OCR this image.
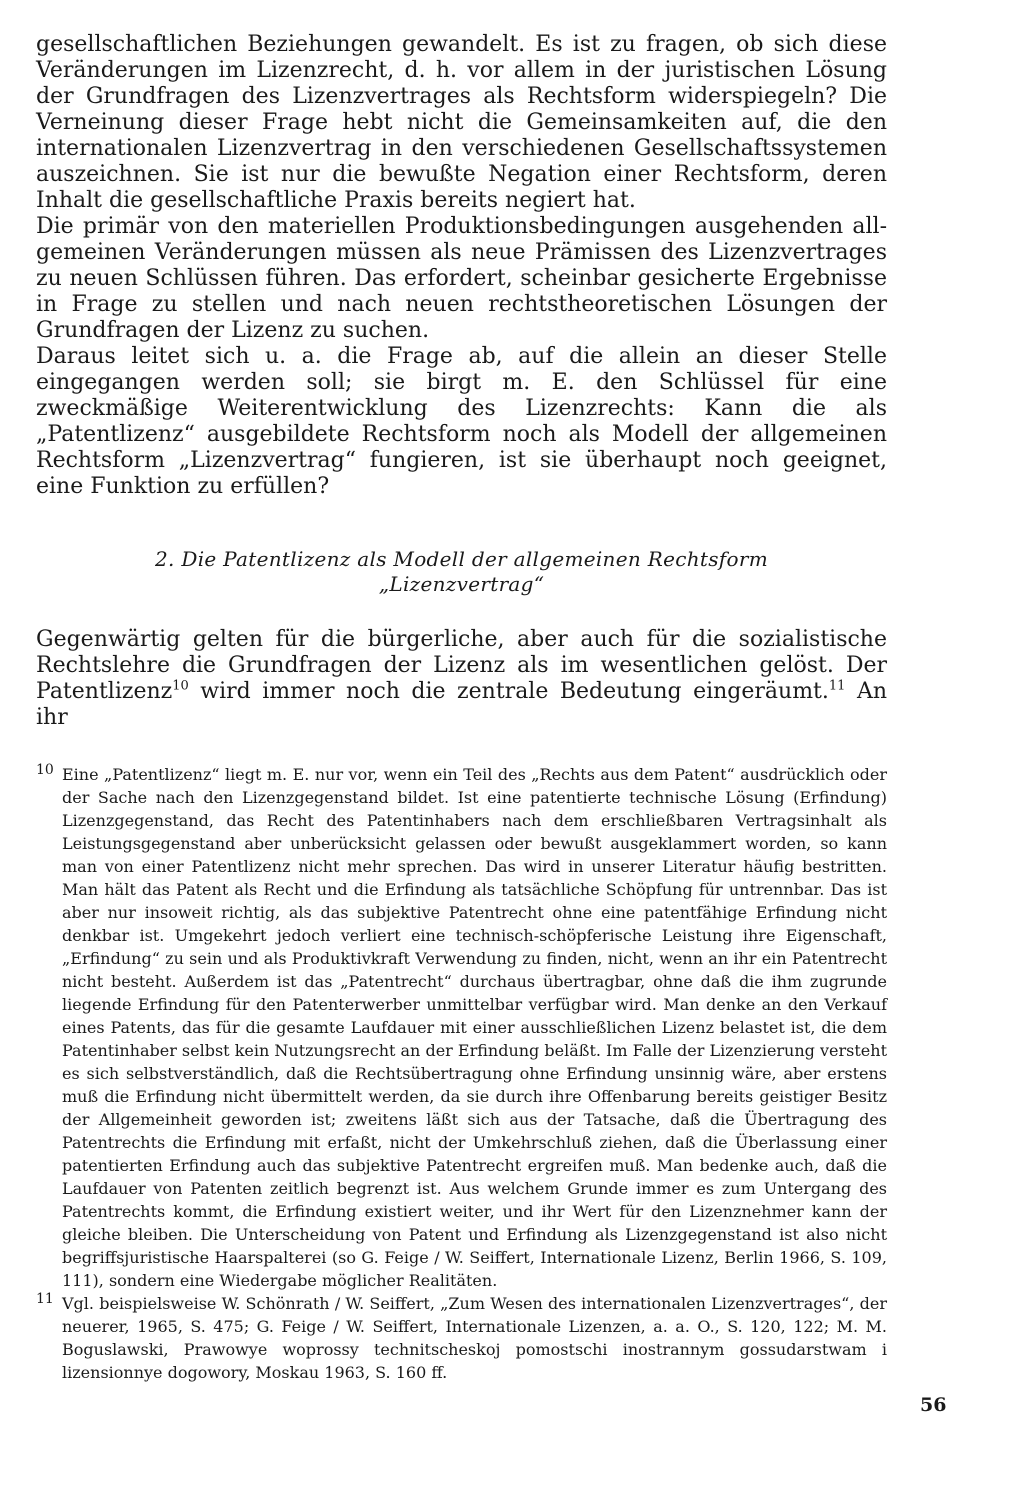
gesellschaftlichen Beziehungen gewandelt. Es ist zu fragen, ob sich diese Veränderungen im Lizenzrecht, d. h. vor allem in der juristischen Lösung der Grundfragen des Lizenzvertrages als Rechtsform widerspiegeln? Die Verneinung dieser Frage hebt nicht die Gemeinsamkeiten auf, die den internationalen Lizenzvertrag in den verschiedenen Gesellschaftssystemen auszeichnen. Sie ist nur die bewußte Negation einer Rechtsform, deren Inhalt die gesellschaftliche Praxis bereits negiert hat.

Die primär von den materiellen Produktionsbedingungen ausgehenden allgemeinen Veränderungen müssen als neue Prämissen des Lizenzvertrages zu neuen Schlüssen führen. Das erfordert, scheinbar gesicherte Ergebnisse in Frage zu stellen und nach neuen rechtstheoretischen Lösungen der Grundfragen der Lizenz zu suchen.

Daraus leitet sich u. a. die Frage ab, auf die allein an dieser Stelle eingegangen werden soll; sie birgt m. E. den Schlüssel für eine zweckmäßige Weiterentwicklung des Lizenzrechts: Kann die als „Patentlizenz“ ausgebildete Rechtsform noch als Modell der allgemeinen Rechtsform „Lizenzvertrag“ fungieren, ist sie überhaupt noch geeignet, eine Funktion zu erfüllen?

2. Die Patentlizenz als Modell der allgemeinen Rechtsform
„Lizenzvertrag“

Gegenwärtig gelten für die bürgerliche, aber auch für die sozialistische Rechtslehre die Grundfragen der Lizenz als im wesentlichen gelöst. Der Patentlizenz$^{10}$ wird immer noch die zentrale Bedeutung eingeräumt.$^{11}$ An ihr

10 Eine „Patentlizenz“ liegt m. E. nur vor, wenn ein Teil des „Rechts aus dem Patent“ ausdrücklich oder der Sache nach den Lizenzgegenstand bildet. Ist eine patentierte technische Lösung (Erfindung) Lizenzgegenstand, das Recht des Patentinhabers nach dem erschließbaren Vertragsinhalt als Leistungsgegenstand aber unberücksicht gelassen oder bewußt ausgeklammert worden, so kann man von einer Patentlizenz nicht mehr sprechen. Das wird in unserer Literatur häufig bestritten. Man hält das Patent als Recht und die Erfindung als tatsächliche Schöpfung für untrennbar. Das ist aber nur insoweit richtig, als das subjektive Patentrecht ohne eine patentfähige Erfindung nicht denkbar ist. Umgekehrt jedoch verliert eine technisch-schöpferische Leistung ihre Eigenschaft, „Erfindung“ zu sein und als Produktivkraft Verwendung zu finden, nicht, wenn an ihr ein Patentrecht nicht besteht. Außerdem ist das „Patentrecht“ durchaus übertragbar, ohne daß die ihm zugrunde liegende Erfindung für den Patenterwerber unmittelbar verfügbar wird. Man denke an den Verkauf eines Patents, das für die gesamte Laufdauer mit einer ausschließlichen Lizenz belastet ist, die dem Patentinhaber selbst kein Nutzungsrecht an der Erfindung beläßt. Im Falle der Lizenzierung versteht es sich selbstverständlich, daß die Rechtsübertragung ohne Erfindung unsinnig wäre, aber erstens muß die Erfindung nicht übermittelt werden, da sie durch ihre Offenbarung bereits geistiger Besitz der Allgemeinheit geworden ist; zweitens läßt sich aus der Tatsache, daß die Übertragung des Patentrechts die Erfindung mit erfaßt, nicht der Umkehrschluß ziehen, daß die Überlassung einer patentierten Erfindung auch das subjektive Patentrecht ergreifen muß. Man bedenke auch, daß die Laufdauer von Patenten zeitlich begrenzt ist. Aus welchem Grunde immer es zum Untergang des Patentrechts kommt, die Erfindung existiert weiter, und ihr Wert für den Lizenznehmer kann der gleiche bleiben. Die Unterscheidung von Patent und Erfindung als Lizenzgegenstand ist also nicht begriffsjuristische Haarspalterei (so G. Feige / W. Seiffert, Internationale Lizenz, Berlin 1966, S. 109, 111), sondern eine Wiedergabe möglicher Realitäten.

11 Vgl. beispielsweise W. Schönrath / W. Seiffert, „Zum Wesen des internationalen Lizenzvertrages“, der neuerer, 1965, S. 475; G. Feige / W. Seiffert, Internationale Lizenzen, a. a. O., S. 120, 122; M. M. Boguslawski, Prawowye woprossy technitscheskoj pomostschi inostrannym gossudarstwam i lizensionnye dogowory, Moskau 1963, S. 160 ff.

56
